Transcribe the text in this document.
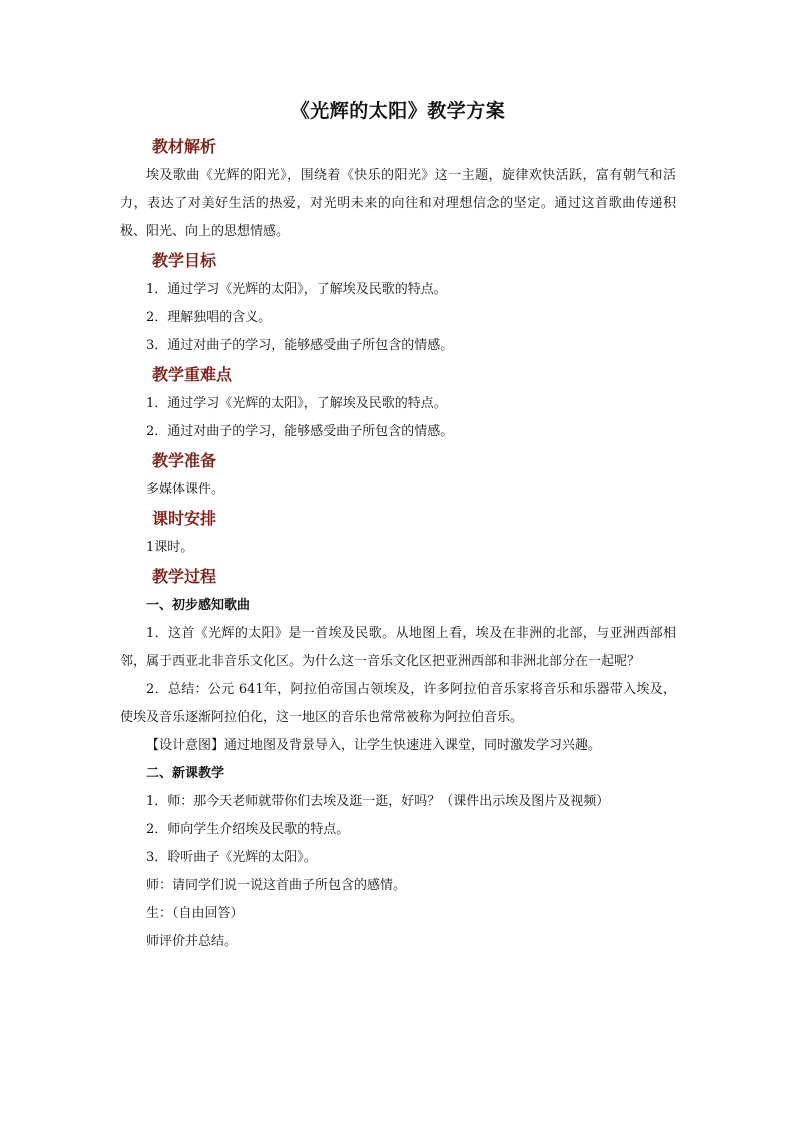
《光辉的太阳》教学方案
教材解析

埃及歌曲《光辉的阳光》，围绕着《快乐的阳光》这一主题，旋律欢快活跃，富有朝气和活力，表达了对美好生活的热爱，对光明未来的向往和对理想信念的坚定。通过这首歌曲传递积极、阳光、向上的思想情感。

教学目标

1．通过学习《光辉的太阳》，了解埃及民歌的特点。

2．理解独唱的含义。

3．通过对曲子的学习，能够感受曲子所包含的情感。

教学重难点

1．通过学习《光辉的太阳》，了解埃及民歌的特点。

2．通过对曲子的学习，能够感受曲子所包含的情感。

教学准备

多媒体课件。

课时安排

1课时。

教学过程

一、初步感知歌曲

1．这首《光辉的太阳》是一首埃及民歌。从地图上看，埃及在非洲的北部，与亚洲西部相邻，属于西亚北非音乐文化区。为什么这一音乐文化区把亚洲西部和非洲北部分在一起呢？

2．总结：公元 641年，阿拉伯帝国占领埃及，许多阿拉伯音乐家将音乐和乐器带入埃及，使埃及音乐逐渐阿拉伯化，这一地区的音乐也常常被称为阿拉伯音乐。

【设计意图】通过地图及背景导入，让学生快速进入课堂，同时激发学习兴趣。

二、新课教学

1．师：那今天老师就带你们去埃及逛一逛，好吗？（课件出示埃及图片及视频）

2．师向学生介绍埃及民歌的特点。

3．聆听曲子《光辉的太阳》。

师：请同学们说一说这首曲子所包含的感情。

生：（自由回答）

师评价并总结。
